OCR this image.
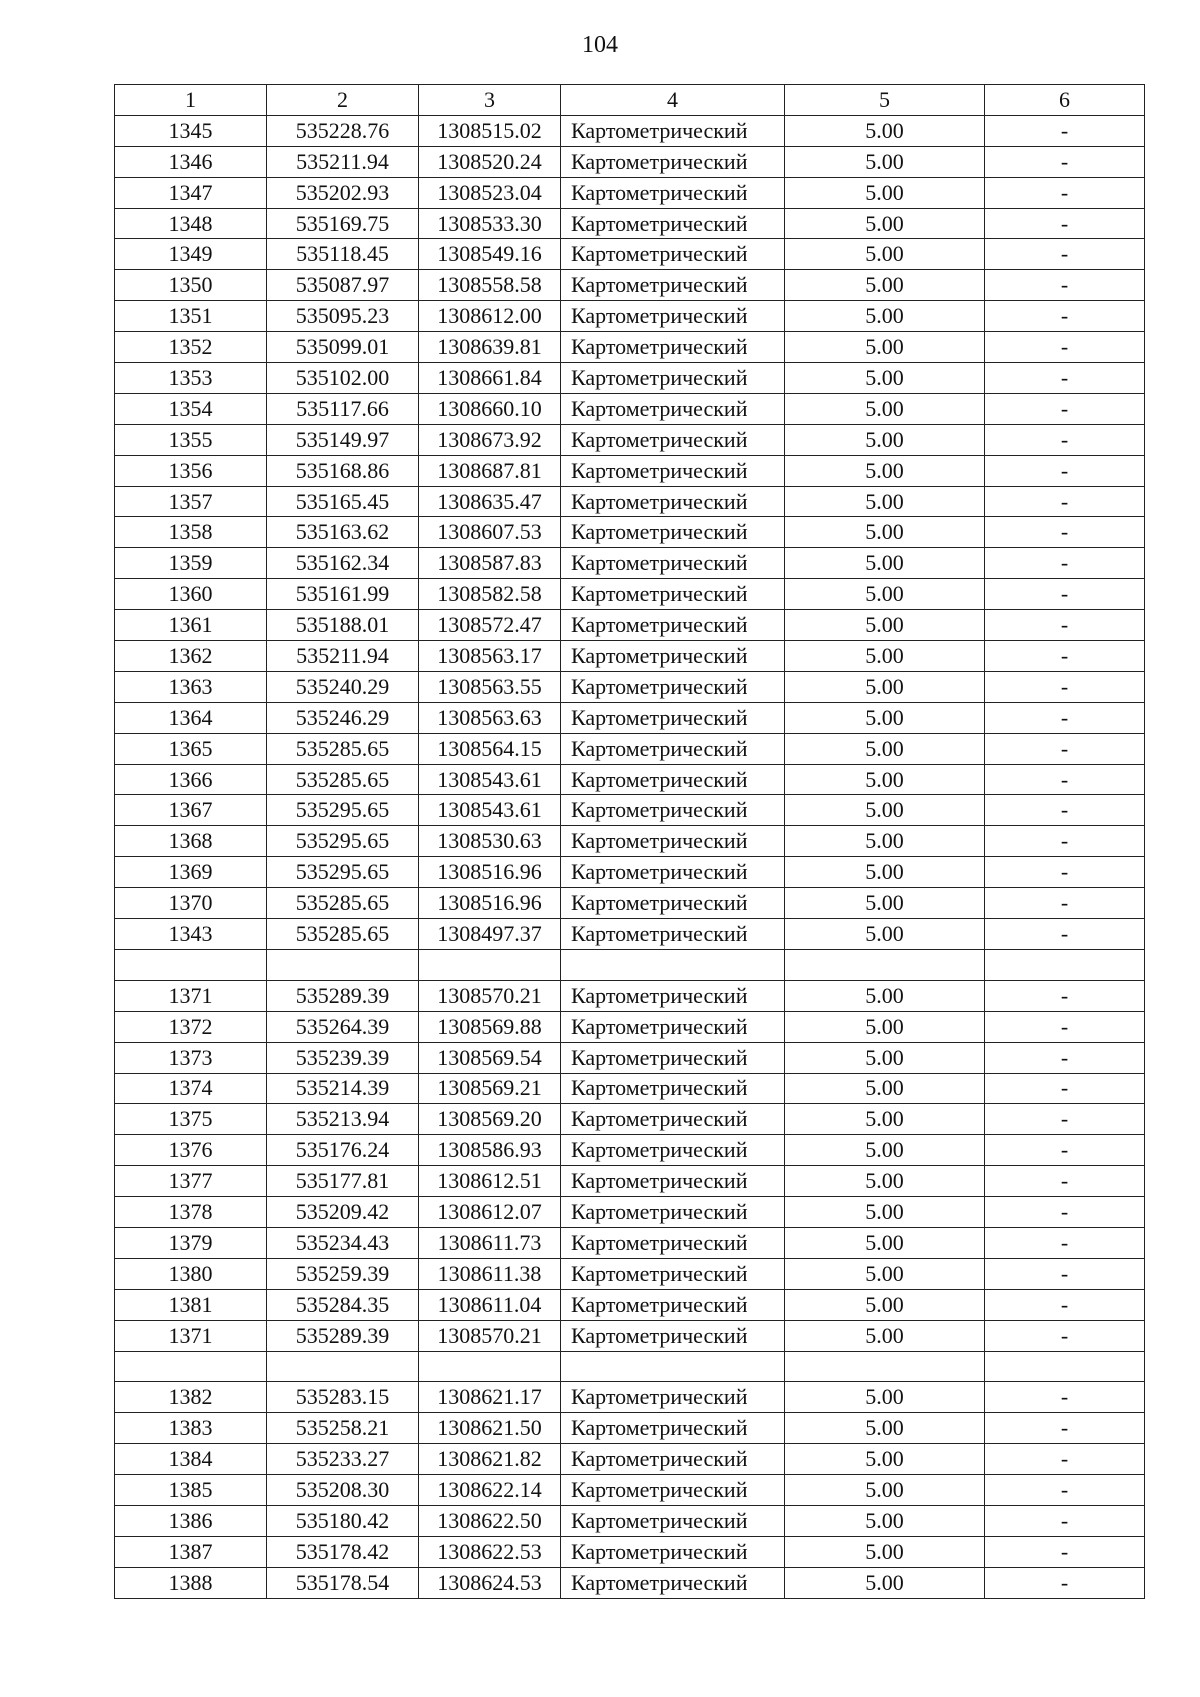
104
1	2	3	4	5	6
1345	535228.76	1308515.02	Картометрический	5.00	-
1346	535211.94	1308520.24	Картометрический	5.00	-
1347	535202.93	1308523.04	Картометрический	5.00	-
1348	535169.75	1308533.30	Картометрический	5.00	-
1349	535118.45	1308549.16	Картометрический	5.00	-
1350	535087.97	1308558.58	Картометрический	5.00	-
1351	535095.23	1308612.00	Картометрический	5.00	-
1352	535099.01	1308639.81	Картометрический	5.00	-
1353	535102.00	1308661.84	Картометрический	5.00	-
1354	535117.66	1308660.10	Картометрический	5.00	-
1355	535149.97	1308673.92	Картометрический	5.00	-
1356	535168.86	1308687.81	Картометрический	5.00	-
1357	535165.45	1308635.47	Картометрический	5.00	-
1358	535163.62	1308607.53	Картометрический	5.00	-
1359	535162.34	1308587.83	Картометрический	5.00	-
1360	535161.99	1308582.58	Картометрический	5.00	-
1361	535188.01	1308572.47	Картометрический	5.00	-
1362	535211.94	1308563.17	Картометрический	5.00	-
1363	535240.29	1308563.55	Картометрический	5.00	-
1364	535246.29	1308563.63	Картометрический	5.00	-
1365	535285.65	1308564.15	Картометрический	5.00	-
1366	535285.65	1308543.61	Картометрический	5.00	-
1367	535295.65	1308543.61	Картометрический	5.00	-
1368	535295.65	1308530.63	Картометрический	5.00	-
1369	535295.65	1308516.96	Картометрический	5.00	-
1370	535285.65	1308516.96	Картометрический	5.00	-
1343	535285.65	1308497.37	Картометрический	5.00	-

1371	535289.39	1308570.21	Картометрический	5.00	-
1372	535264.39	1308569.88	Картометрический	5.00	-
1373	535239.39	1308569.54	Картометрический	5.00	-
1374	535214.39	1308569.21	Картометрический	5.00	-
1375	535213.94	1308569.20	Картометрический	5.00	-
1376	535176.24	1308586.93	Картометрический	5.00	-
1377	535177.81	1308612.51	Картометрический	5.00	-
1378	535209.42	1308612.07	Картометрический	5.00	-
1379	535234.43	1308611.73	Картометрический	5.00	-
1380	535259.39	1308611.38	Картометрический	5.00	-
1381	535284.35	1308611.04	Картометрический	5.00	-
1371	535289.39	1308570.21	Картометрический	5.00	-

1382	535283.15	1308621.17	Картометрический	5.00	-
1383	535258.21	1308621.50	Картометрический	5.00	-
1384	535233.27	1308621.82	Картометрический	5.00	-
1385	535208.30	1308622.14	Картометрический	5.00	-
1386	535180.42	1308622.50	Картометрический	5.00	-
1387	535178.42	1308622.53	Картометрический	5.00	-
1388	535178.54	1308624.53	Картометрический	5.00	-
